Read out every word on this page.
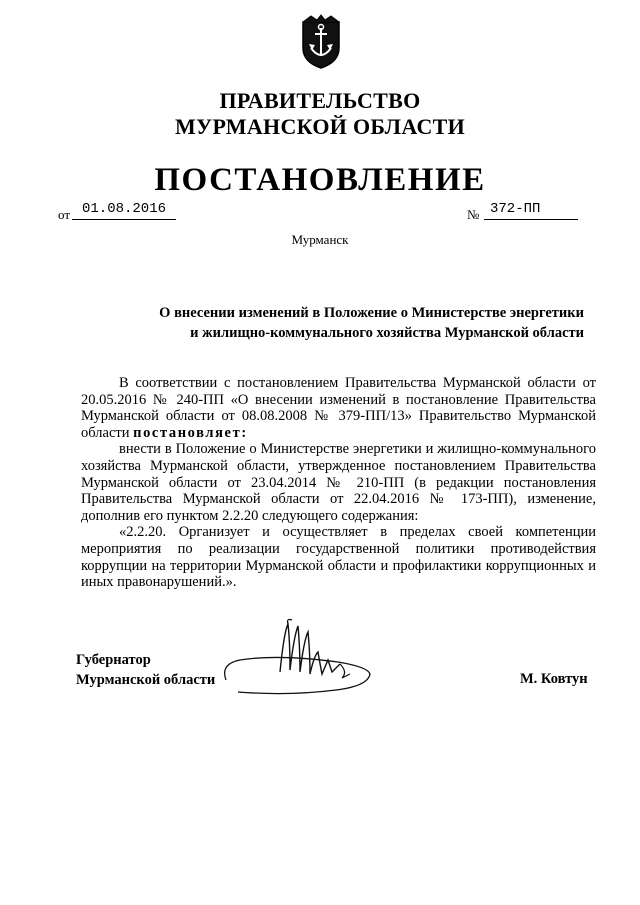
ПРАВИТЕЛЬСТВО
МУРМАНСКОЙ ОБЛАСТИ
ПОСТАНОВЛЕНИЕ
от 01.08.2016	№ 372-ПП
Мурманск
О внесении изменений в Положение о Министерстве энергетики
и жилищно-коммунального хозяйства Мурманской области

В соответствии с постановлением Правительства Мурманской области от 20.05.2016 № 240-ПП «О внесении изменений в постановление Правительства Мурманской области от 08.08.2008 № 379-ПП/13» Правительство Мурманской области постановляет:

внести в Положение о Министерстве энергетики и жилищно-коммунального хозяйства Мурманской области, утвержденное постановлением Правительства Мурманской области от 23.04.2014 № 210-ПП (в редакции постановления Правительства Мурманской области от 22.04.2016 № 173-ПП), изменение, дополнив его пунктом 2.2.20 следующего содержания:

«2.2.20. Организует и осуществляет в пределах своей компетенции мероприятия по реализации государственной политики противодействия коррупции на территории Мурманской области и профилактики коррупционных и иных правонарушений.».

Губернатор
Мурманской области	М. Ковтун
